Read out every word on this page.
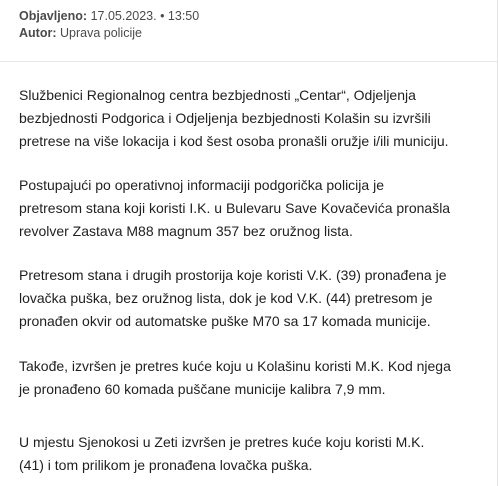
Objavljeno: 17.05.2023. • 13:50
Autor: Uprava policije

Službenici Regionalnog centra bezbjednosti „Centar“, Odjeljenja
bezbjednosti Podgorica i Odjeljenja bezbjednosti Kolašin su izvršili
pretrese na više lokacija i kod šest osoba pronašli oružje i/ili municiju.

Postupajući po operativnoj informaciji podgorička policija je
pretresom stana koji koristi I.K. u Bulevaru Save Kovačevića pronašla
revolver Zastava M88 magnum 357 bez oružnog lista.

Pretresom stana i drugih prostorija koje koristi V.K. (39) pronađena je
lovačka puška, bez oružnog lista, dok je kod V.K. (44) pretresom je
pronađen okvir od automatske puške M70 sa 17 komada municije.

Takođe, izvršen je pretres kuće koju u Kolašinu koristi M.K. Kod njega
je pronađeno 60 komada puščane municije kalibra 7,9 mm.

U mjestu Sjenokosi u Zeti izvršen je pretres kuće koju koristi M.K.
(41) i tom prilikom je pronađena lovačka puška.
